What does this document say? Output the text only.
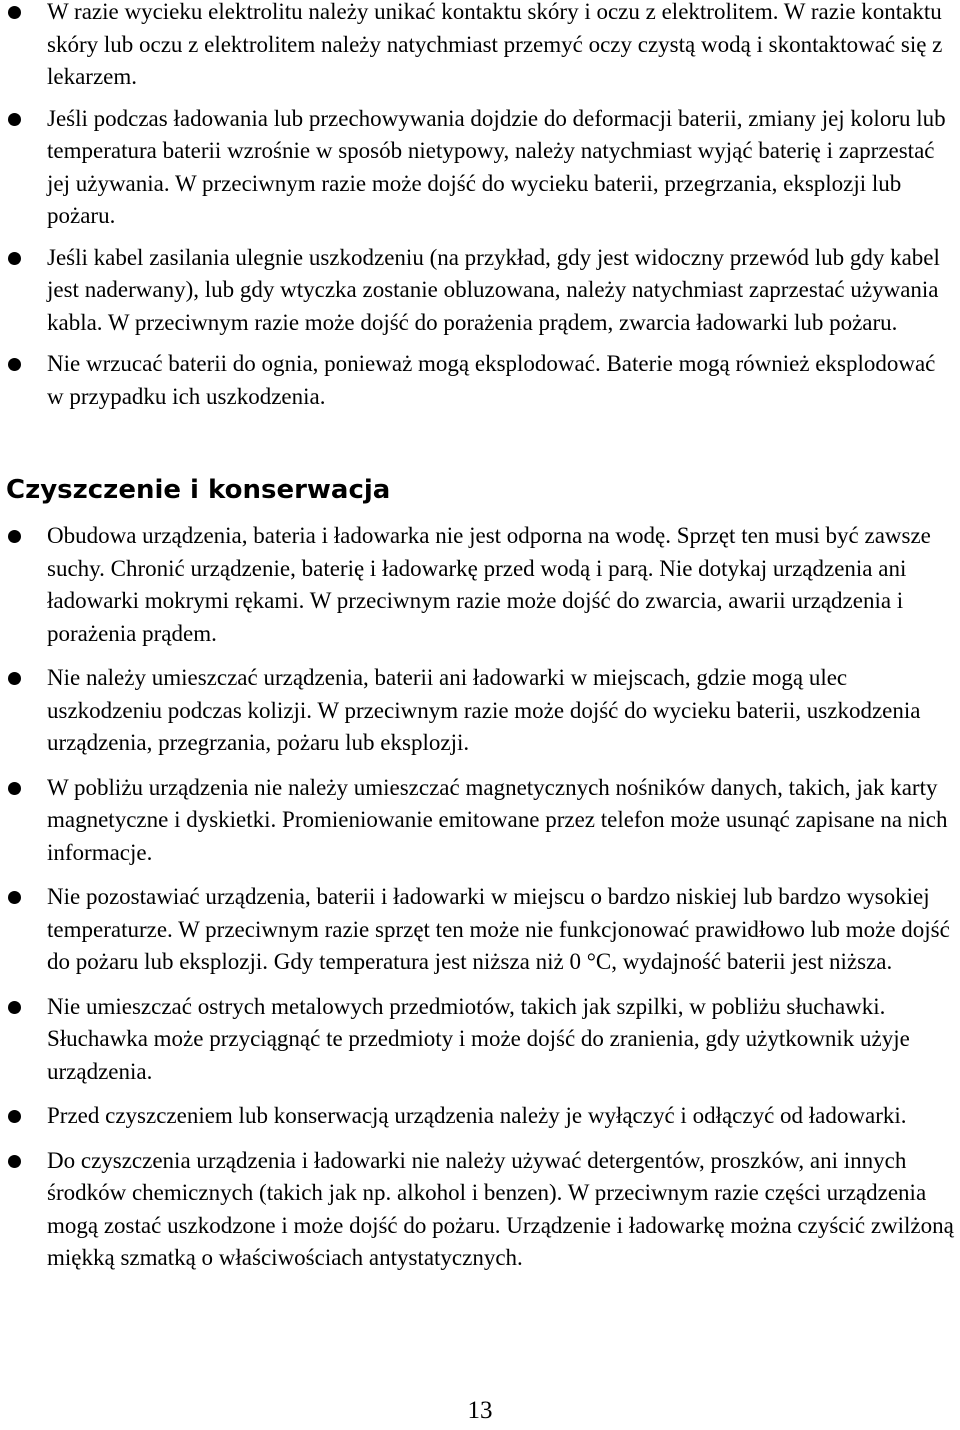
W razie wycieku elektrolitu należy unikać kontaktu skóry i oczu z elektrolitem. W razie kontaktu skóry lub oczu z elektrolitem należy natychmiast przemyć oczy czystą wodą i skontaktować się z lekarzem.
Jeśli podczas ładowania lub przechowywania dojdzie do deformacji baterii, zmiany jej koloru lub temperatura baterii wzrośnie w sposób nietypowy, należy natychmiast wyjąć baterię i zaprzestać jej używania. W przeciwnym razie może dojść do wycieku baterii, przegrzania, eksplozji lub pożaru.
Jeśli kabel zasilania ulegnie uszkodzeniu (na przykład, gdy jest widoczny przewód lub gdy kabel jest naderwany), lub gdy wtyczka zostanie obluzowana, należy natychmiast zaprzestać używania kabla. W przeciwnym razie może dojść do porażenia prądem, zwarcia ładowarki lub pożaru.
Nie wrzucać baterii do ognia, ponieważ mogą eksplodować. Baterie mogą również eksplodować w przypadku ich uszkodzenia.
Czyszczenie i konserwacja
Obudowa urządzenia, bateria i ładowarka nie jest odporna na wodę. Sprzęt ten musi być zawsze suchy. Chronić urządzenie, baterię i ładowarkę przed wodą i parą. Nie dotykaj urządzenia ani ładowarki mokrymi rękami. W przeciwnym razie może dojść do zwarcia, awarii urządzenia i porażenia prądem.
Nie należy umieszczać urządzenia, baterii ani ładowarki w miejscach, gdzie mogą ulec uszkodzeniu podczas kolizji. W przeciwnym razie może dojść do wycieku baterii, uszkodzenia urządzenia, przegrzania, pożaru lub eksplozji.
W pobliżu urządzenia nie należy umieszczać magnetycznych nośników danych, takich, jak karty magnetyczne i dyskietki. Promieniowanie emitowane przez telefon może usunąć zapisane na nich informacje.
Nie pozostawiać urządzenia, baterii i ładowarki w miejscu o bardzo niskiej lub bardzo wysokiej temperaturze. W przeciwnym razie sprzęt ten może nie funkcjonować prawidłowo lub może dojść do pożaru lub eksplozji. Gdy temperatura jest niższa niż 0 °C, wydajność baterii jest niższa.
Nie umieszczać ostrych metalowych przedmiotów, takich jak szpilki, w pobliżu słuchawki. Słuchawka może przyciągnąć te przedmioty i może dojść do zranienia, gdy użytkownik użyje urządzenia.
Przed czyszczeniem lub konserwacją urządzenia należy je wyłączyć i odłączyć od ładowarki.
Do czyszczenia urządzenia i ładowarki nie należy używać detergentów, proszków, ani innych środków chemicznych (takich jak np. alkohol i benzen). W przeciwnym razie części urządzenia mogą zostać uszkodzone i może dojść do pożaru. Urządzenie i ładowarkę można czyścić zwilżoną miękką szmatką o właściwościach antystatycznych.
13
